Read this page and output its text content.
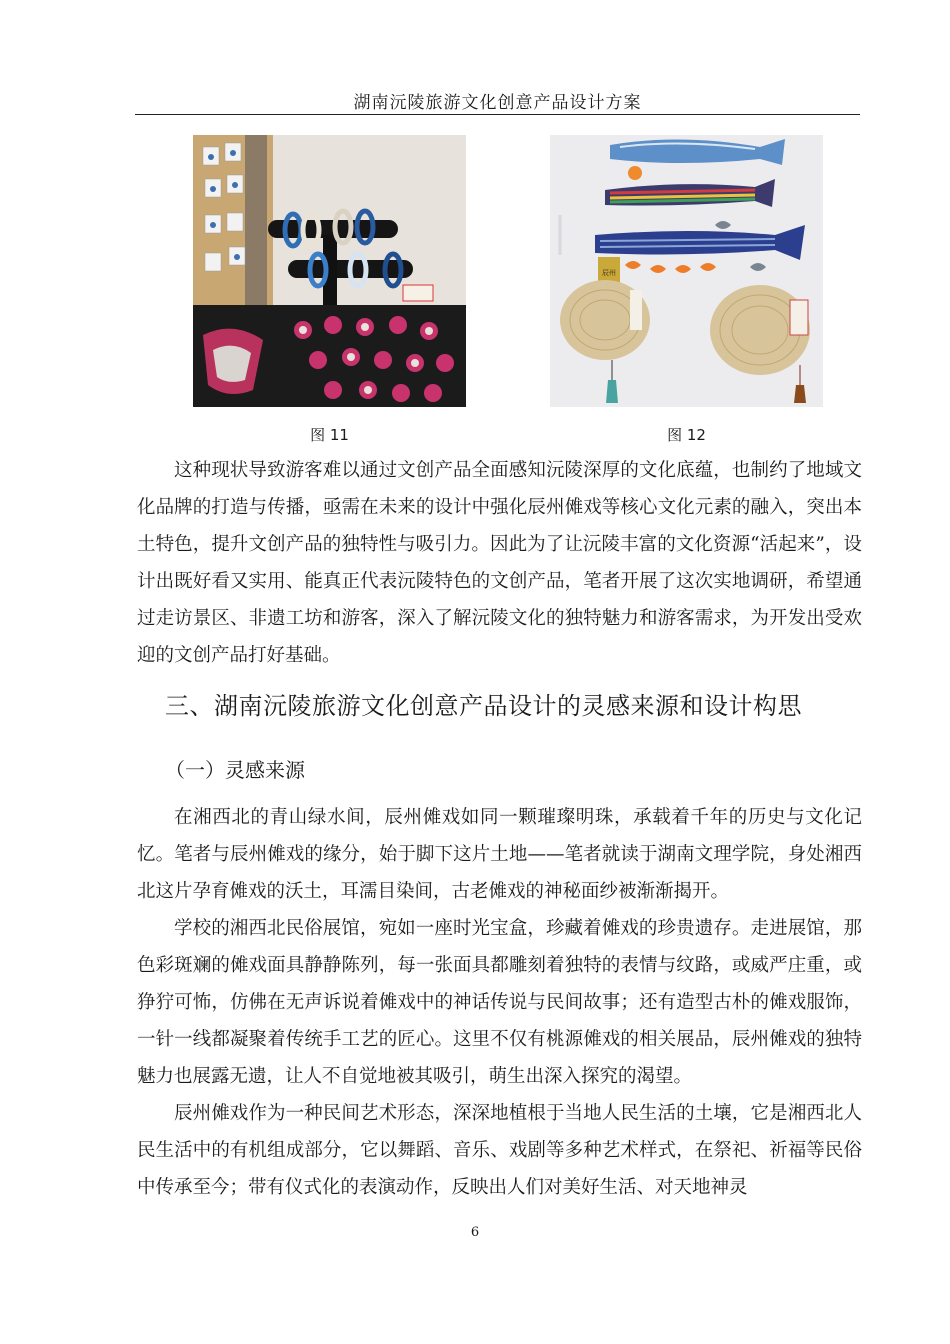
湖南沅陵旅游文化创意产品设计方案
辰州
图 11	图 12

这种现状导致游客难以通过文创产品全面感知沅陵深厚的文化底蕴，也制约了地域文化品牌的打造与传播，亟需在未来的设计中强化辰州傩戏等核心文化元素的融入，突出本土特色，提升文创产品的独特性与吸引力。因此为了让沅陵丰富的文化资源“活起来”，设计出既好看又实用、能真正代表沅陵特色的文创产品，笔者开展了这次实地调研，希望通过走访景区、非遗工坊和游客，深入了解沅陵文化的独特魅力和游客需求，为开发出受欢迎的文创产品打好基础。

三、湖南沅陵旅游文化创意产品设计的灵感来源和设计构思
（一）灵感来源

在湘西北的青山绿水间，辰州傩戏如同一颗璀璨明珠，承载着千年的历史与文化记忆。笔者与辰州傩戏的缘分，始于脚下这片土地——笔者就读于湖南文理学院，身处湘西北这片孕育傩戏的沃土，耳濡目染间，古老傩戏的神秘面纱被渐渐揭开。

学校的湘西北民俗展馆，宛如一座时光宝盒，珍藏着傩戏的珍贵遗存。走进展馆，那色彩斑斓的傩戏面具静静陈列，每一张面具都雕刻着独特的表情与纹路，或威严庄重，或狰狞可怖，仿佛在无声诉说着傩戏中的神话传说与民间故事；还有造型古朴的傩戏服饰，一针一线都凝聚着传统手工艺的匠心。这里不仅有桃源傩戏的相关展品，辰州傩戏的独特魅力也展露无遗，让人不自觉地被其吸引，萌生出深入探究的渴望。

辰州傩戏作为一种民间艺术形态，深深地植根于当地人民生活的土壤，它是湘西北人民生活中的有机组成部分，它以舞蹈、音乐、戏剧等多种艺术样式，在祭祀、祈福等民俗中传承至今；带有仪式化的表演动作，反映出人们对美好生活、对天地神灵

6
